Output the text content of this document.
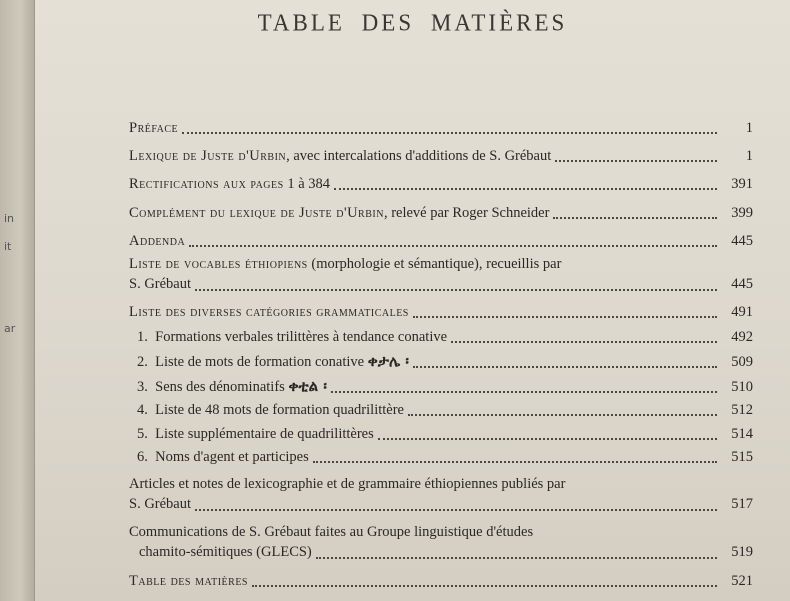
in
it
ar
TABLE DES MATIÈRES
Préface	1
Lexique de Juste d'Urbin, avec intercalations d'additions de S. Grébaut	1
Rectifications aux pages 1 à 384	391
Complément du lexique de Juste d'Urbin, relevé par Roger Schneider	399
Addenda	445
Liste de vocables éthiopiens (morphologie et sémantique), recueillis par
S. Grébaut	445
Liste des diverses catégories grammaticales	491
1. Formations verbales trilittères à tendance conative	492
2. Liste de mots de formation conative ቀታሌ ፡	509
3. Sens des dénominatifs ቀቲል ፡	510
4. Liste de 48 mots de formation quadrilittère	512
5. Liste supplémentaire de quadrilittères	514
6. Noms d'agent et participes	515
Articles et notes de lexicographie et de grammaire éthiopiennes publiés par
S. Grébaut	517
Communications de S. Grébaut faites au Groupe linguistique d'études
chamito-sémitiques (GLECS)	519
Table des matières	521
